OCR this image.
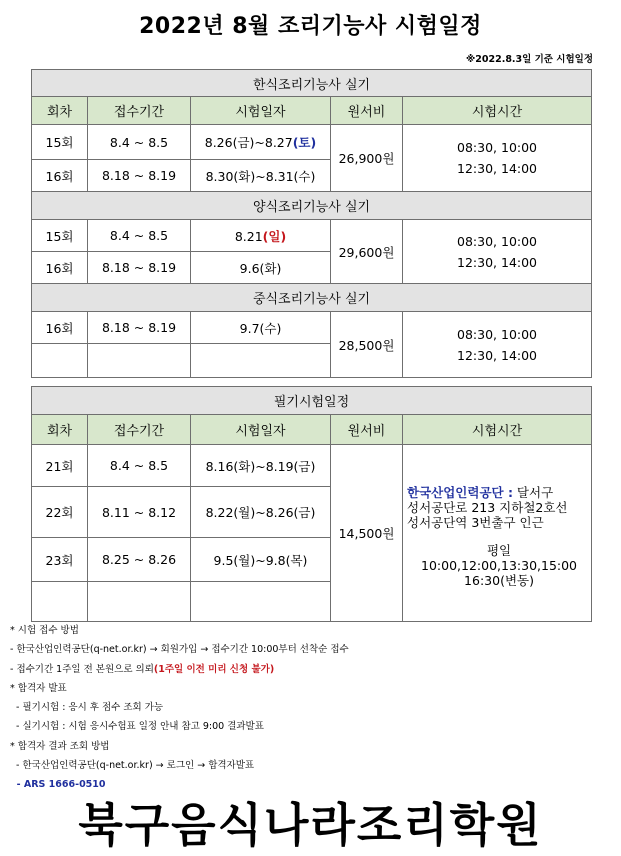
2022년 8월 조리기능사 시험일정
※2022.8.3일 기준 시험일정
한식조리기능사 실기				
회차	접수기간	시험일자	원서비	시험시간
15회	8.4 ~ 8.5	8.26(금)~8.27(토)	26,900원	08:30, 10:00
12:30, 14:00
16회	8.18 ~ 8.19	8.30(화)~8.31(수)		
양식조리기능사 실기				
15회	8.4 ~ 8.5	8.21(일)	29,600원	08:30, 10:00
12:30, 14:00
16회	8.18 ~ 8.19	9.6(화)		
중식조리기능사 실기				
16회	8.18 ~ 8.19	9.7(수)	28,500원	08:30, 10:00
12:30, 14:00

필기시험일정				
회차	접수기간	시험일자	원서비	시험시간
21회	8.4 ~ 8.5	8.16(화)~8.19(금)	14,500원	한국산업인력공단 : 달서구
성서공단로 213 지하철2호선
성서공단역 3번출구 인근
평일 10:00,12:00,13:30,15:00
16:30(변동)

22회	8.11 ~ 8.12	8.22(월)~8.26(금)		
23회	8.25 ~ 8.26	9.5(월)~9.8(목)		

* 시험 접수 방법
- 한국산업인력공단(q-net.or.kr) → 회원가입 → 접수기간 10:00부터 선착순 접수
- 접수기간 1주일 전 본원으로 의뢰(1주일 이전 미리 신청 불가)
* 합격자 발표
- 필기시험 : 응시 후 점수 조회 가능
- 실기시험 : 시험 응시수험표 일정 안내 참고 9:00 결과발표
* 합격자 결과 조회 방법
- 한국산업인력공단(q-net.or.kr) → 로그인 → 합격자발표
- ARS 1666-0510
북구음식나라조리학원
